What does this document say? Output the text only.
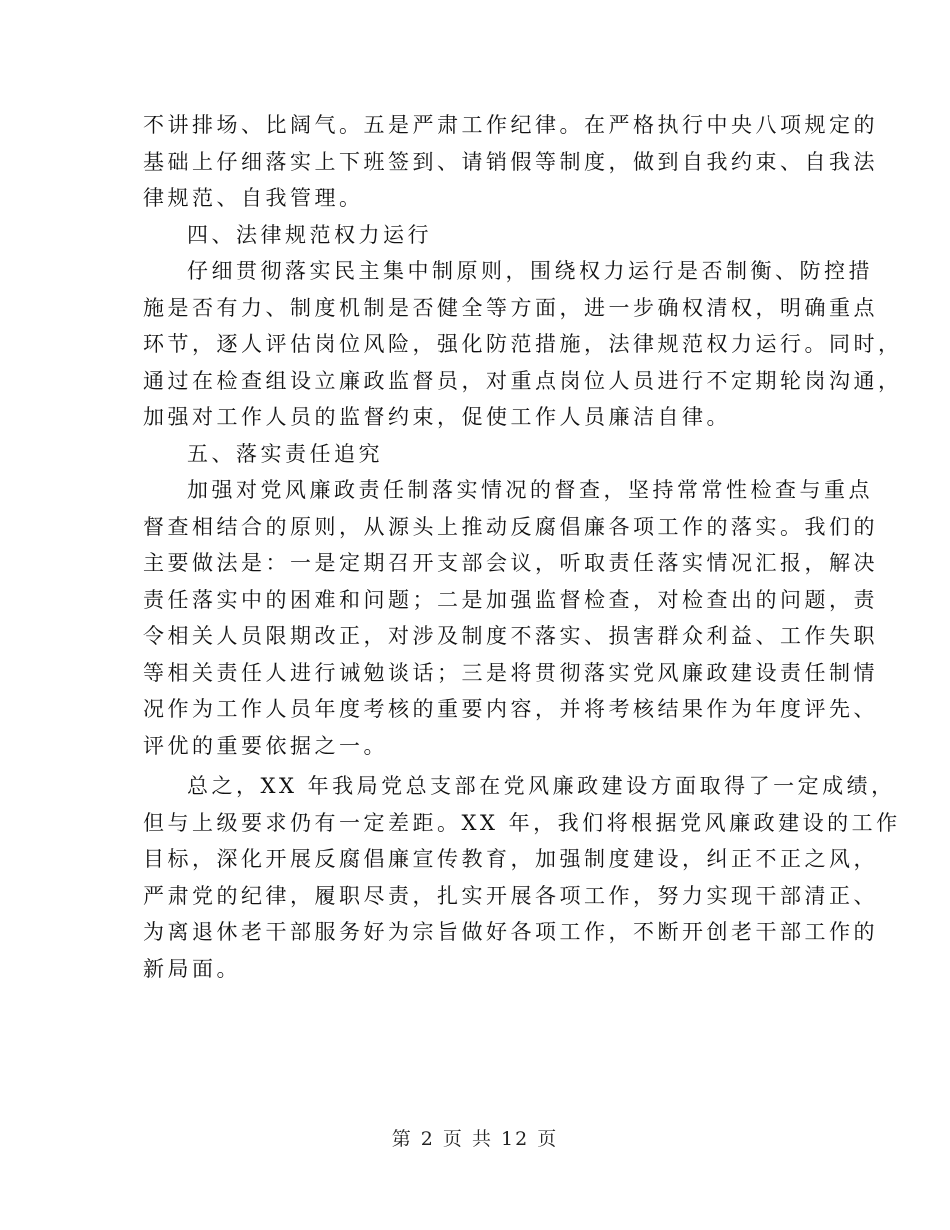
不讲排场、比阔气。五是严肃工作纪律。在严格执行中央八项规定的
基础上仔细落实上下班签到、请销假等制度，做到自我约束、自我法
律规范、自我管理。
四、法律规范权力运行
仔细贯彻落实民主集中制原则，围绕权力运行是否制衡、防控措
施是否有力、制度机制是否健全等方面，进一步确权清权，明确重点
环节，逐人评估岗位风险，强化防范措施，法律规范权力运行。同时，
通过在检查组设立廉政监督员，对重点岗位人员进行不定期轮岗沟通，
加强对工作人员的监督约束，促使工作人员廉洁自律。
五、落实责任追究
加强对党风廉政责任制落实情况的督查，坚持常常性检查与重点
督查相结合的原则，从源头上推动反腐倡廉各项工作的落实。我们的
主要做法是：一是定期召开支部会议，听取责任落实情况汇报，解决
责任落实中的困难和问题；二是加强监督检查，对检查出的问题，责
令相关人员限期改正，对涉及制度不落实、损害群众利益、工作失职
等相关责任人进行诫勉谈话；三是将贯彻落实党风廉政建设责任制情
况作为工作人员年度考核的重要内容，并将考核结果作为年度评先、
评优的重要依据之一。
总之，XX 年我局党总支部在党风廉政建设方面取得了一定成绩，
但与上级要求仍有一定差距。XX 年，我们将根据党风廉政建设的工作
目标，深化开展反腐倡廉宣传教育，加强制度建设，纠正不正之风，
严肃党的纪律，履职尽责，扎实开展各项工作，努力实现干部清正、
为离退休老干部服务好为宗旨做好各项工作，不断开创老干部工作的
新局面。
第 2 页 共 12 页
